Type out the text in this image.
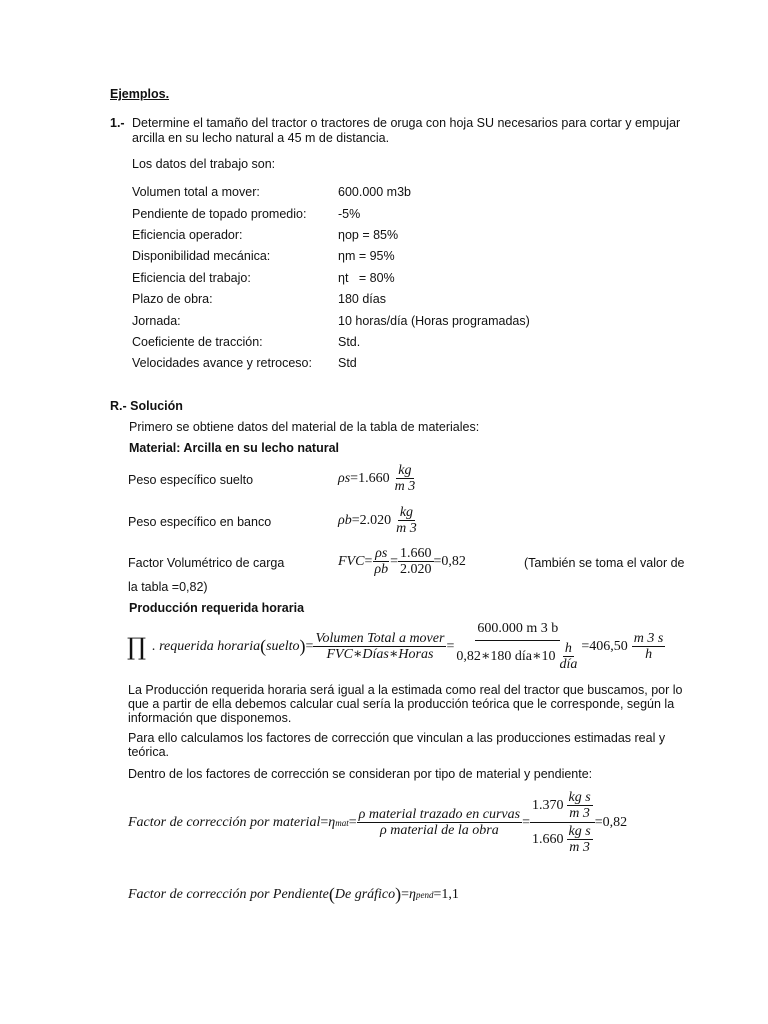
Ejemplos.
1.- Determine el tamaño del tractor o tractores de oruga con hoja SU necesarios para cortar y empujar arcilla en su lecho natural a 45 m de distancia.
Los datos del trabajo son:
Volumen total a mover:	600.000 m3b
Pendiente de topado promedio:	-5%
Eficiencia operador:	ηop = 85%
Disponibilidad mecánica:	ηm = 95%
Eficiencia del trabajo:	ηt   = 80%
Plazo de obra:	180 días
Jornada:	10 horas/día (Horas programadas)
Coeficiente de tracción:	Std.
Velocidades avance y retroceso: Std
R.- Solución
Primero se obtiene datos del material de la tabla de materiales:
Material: Arcilla en su lecho natural
Peso específico suelto	$\rho s = 1.660 \frac{kg}{m 3}$
Peso específico en banco	$\rho b = 2.020 \frac{kg}{m 3}$
Factor Volumétrico de carga	FVC = $\frac{\rho s}{\rho b} = \frac{1.660}{2.020} = 0,82$	(También se toma el valor de
la tabla =0,82)
Producción requerida horaria
∏ . requerida horaria ( suelto ) = $\frac{\text{Volumen Total a mover}}{\text{FVC∗Días∗Horas}} = \frac{600.000 m 3 b}{0,82∗180 día∗10 \frac{h}{\text{día}}} = 406,50 \frac{m 3 s}{h}$
La Producción requerida horaria será igual a la estimada como real del tractor que buscamos, por lo que a partir de ella debemos calcular cual sería la producción teórica que le corresponde, según la información que disponemos.
Para ello calculamos los factores de corrección que vinculan a las producciones estimadas real y teórica.
Dentro de los factores de corrección se consideran por tipo de material y pendiente:
Factor de corrección por material = η mat = $\frac{\text{ρ material trazado en curvas}}{\text{ρ material de la obra}} = \frac{1.370 \frac{\text{kg s}}{m 3}}{1.660 \frac{\text{kg s}}{m 3}} = 0,82$
Factor de corrección por Pendiente ( De gráfico ) = η pend = 1,1
